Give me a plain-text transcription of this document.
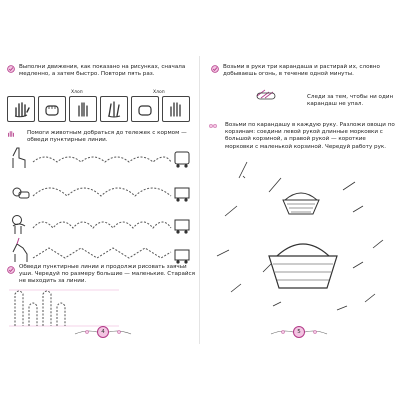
Выполни движения, как показано на рисунках, сначала медленно, а затем быстро. Повтори пять раз.
Хлоп	Хлоп
Помоги животным добраться до тележек с кормом — обведи пунктирные линии.
Обведи пунктирные линии и продолжи рисовать заячьи уши. Чередуй по размеру большие — маленькие. Старайся не выходить за линии.
4
Возьми в руки три карандаша и растирай их, словно добываешь огонь, в течение одной минуты.
Следи за тем, чтобы ни один карандаш не упал.
Возьми по карандашу в каждую руку. Разложи овощи по корзинам: соедини левой рукой длинные морковки с большой корзиной, а правой рукой — короткие морковки с маленькой корзиной. Чередуй работу рук.
5
